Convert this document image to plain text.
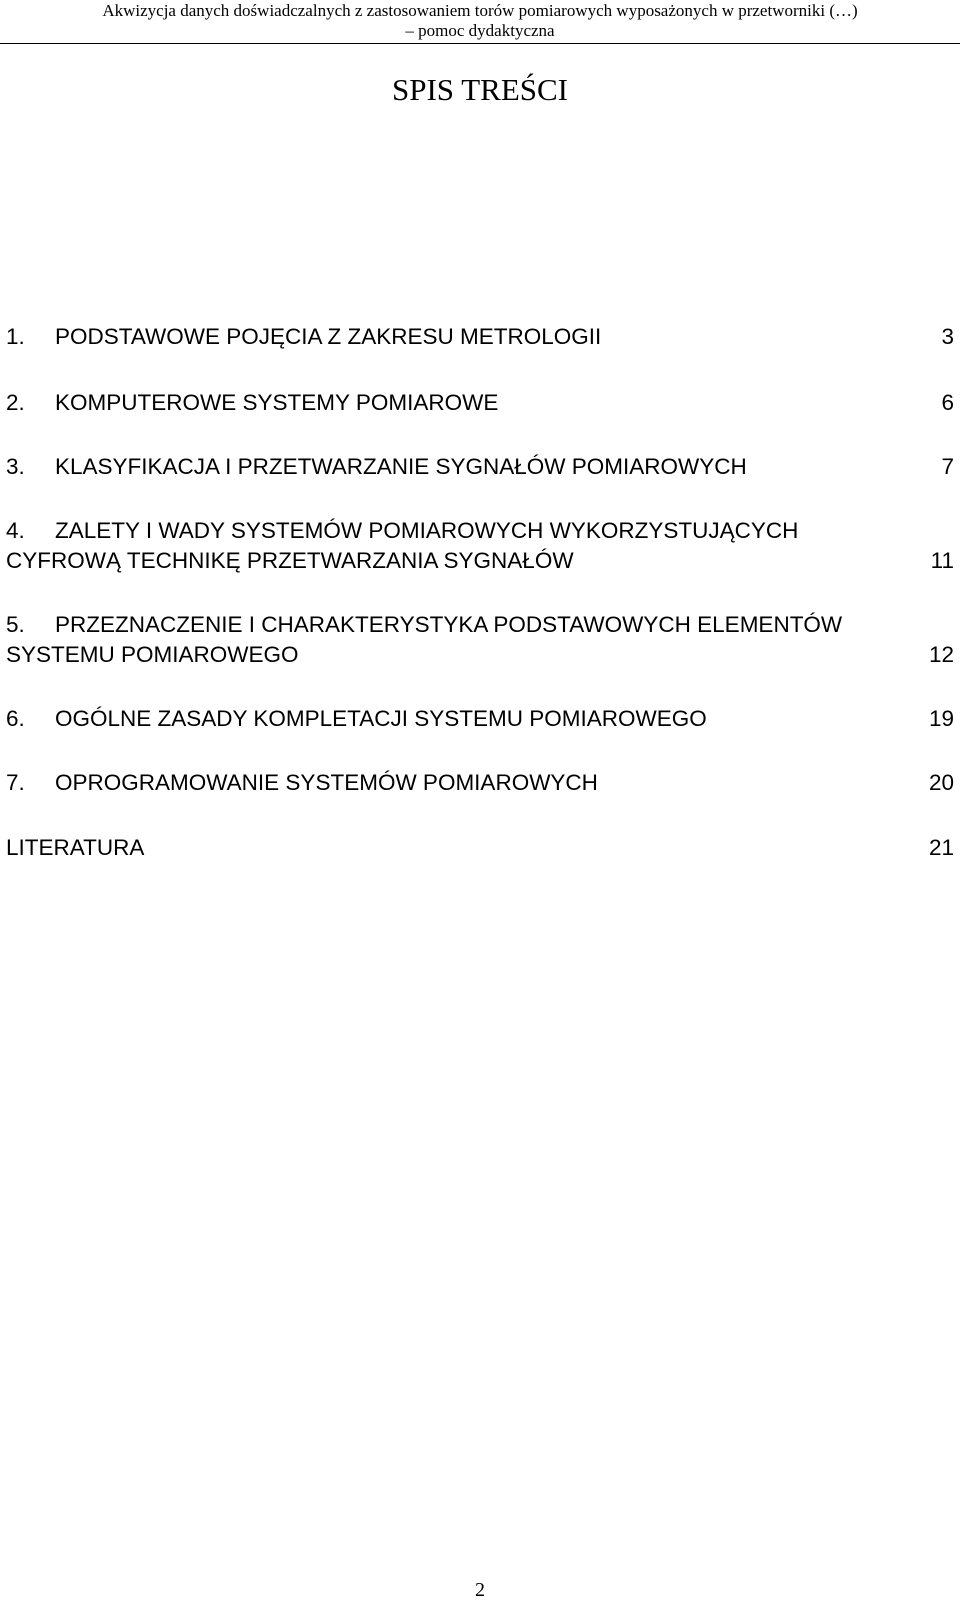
Akwizycja danych doświadczalnych z zastosowaniem torów pomiarowych wyposażonych w przetworniki (…)
– pomoc dydaktyczna
SPIS TREŚCI
1. PODSTAWOWE POJĘCIA Z ZAKRESU METROLOGII	3
2. KOMPUTEROWE SYSTEMY POMIAROWE	6
3. KLASYFIKACJA I PRZETWARZANIE SYGNAŁÓW POMIAROWYCH	7
4. ZALETY I WADY SYSTEMÓW POMIAROWYCH WYKORZYSTUJĄCYCH
CYFROWĄ TECHNIKĘ PRZETWARZANIA SYGNAŁÓW	11
5. PRZEZNACZENIE I CHARAKTERYSTYKA PODSTAWOWYCH ELEMENTÓW
SYSTEMU POMIAROWEGO	12
6. OGÓLNE ZASADY KOMPLETACJI SYSTEMU POMIAROWEGO	19
7. OPROGRAMOWANIE SYSTEMÓW POMIAROWYCH	20
LITERATURA	21
2
